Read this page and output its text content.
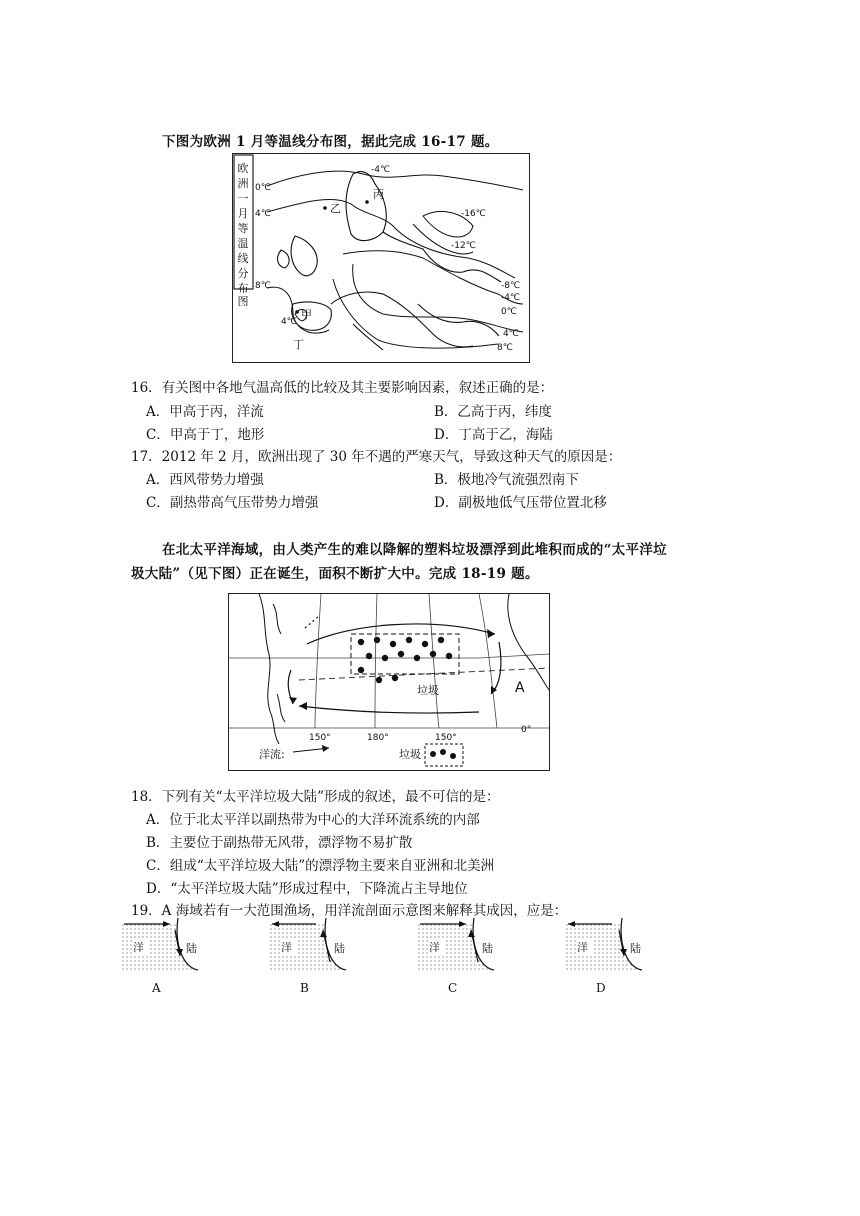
下图为欧洲 1 月等温线分布图，据此完成 16-17 题。
欧
洲
一
月
等
温
线
分
布
图
-4℃
0℃
4℃
8℃
-16℃
-12℃
-8℃
-4℃
0℃
4℃
8℃
4℃
乙
丙
甲
丁
16．有关图中各地气温高低的比较及其主要影响因素，叙述正确的是：
A．甲高于丙，洋流	B．乙高于丙，纬度
C．甲高于丁，地形	D．丁高于乙，海陆
17．2012 年 2 月，欧洲出现了 30 年不遇的严寒天气，导致这种天气的原因是：
A．西风带势力增强	B．极地冷气流强烈南下
C．副热带高气压带势力增强	D．副极地低气压带位置北移
在北太平洋海域，由人类产生的难以降解的塑料垃圾漂浮到此堆积而成的“太平洋垃
圾大陆”（见下图）正在诞生，面积不断扩大中。完成 18-19 题。
垃圾	A
150°	180°	150°
0°
洋流:	垃圾
18．下列有关“太平洋垃圾大陆”形成的叙述，最不可信的是：
A．位于北太平洋以副热带为中心的大洋环流系统的内部
B．主要位于副热带无风带，漂浮物不易扩散
C．组成“太平洋垃圾大陆”的漂浮物主要来自亚洲和北美洲
D．“太平洋垃圾大陆”形成过程中，下降流占主导地位
19．A 海域若有一大范围渔场，用洋流剖面示意图来解释其成因，应是：
洋	陆
A
洋	陆
B
洋	陆
C
洋	陆
D
